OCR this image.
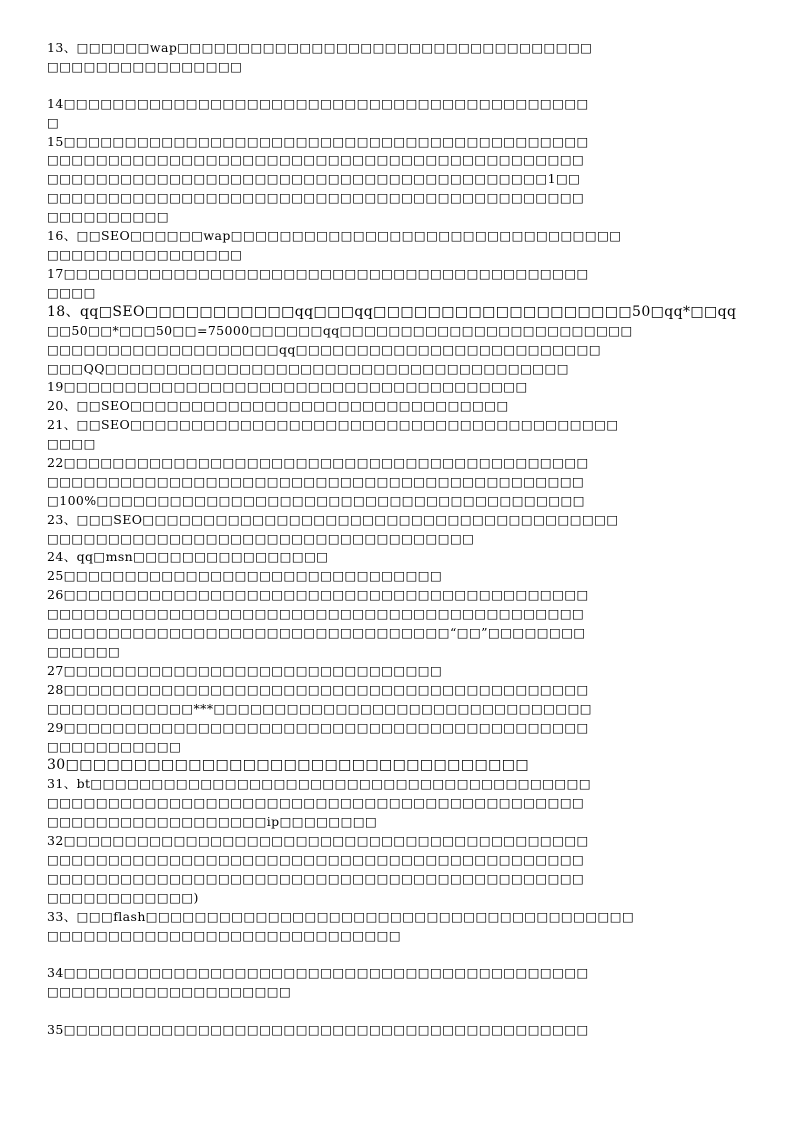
13、□□□□□□wap□□□□□□□□□□□□□□□□□□□□□□□□□□□□□□□□□□
□□□□□□□□□□□□□□□□
14□□□□□□□□□□□□□□□□□□□□□□□□□□□□□□□□□□□□□□□□□□□
□
15□□□□□□□□□□□□□□□□□□□□□□□□□□□□□□□□□□□□□□□□□□□
□□□□□□□□□□□□□□□□□□□□□□□□□□□□□□□□□□□□□□□□□□□□
□□□□□□□□□□□□□□□□□□□□□□□□□□□□□□□□□□□□□□□□□1□□
□□□□□□□□□□□□□□□□□□□□□□□□□□□□□□□□□□□□□□□□□□□□
□□□□□□□□□□
16、□□SEO□□□□□□wap□□□□□□□□□□□□□□□□□□□□□□□□□□□□□□□□
□□□□□□□□□□□□□□□□
17□□□□□□□□□□□□□□□□□□□□□□□□□□□□□□□□□□□□□□□□□□□
□□□□
18、qq□SEO□□□□□□□□□□□qq□□□qq□□□□□□□□□□□□□□□□□□□50□qq*□□qq
□□50□□*□□□50□□=75000□□□□□□qq□□□□□□□□□□□□□□□□□□□□□□□□
□□□□□□□□□□□□□□□□□□□qq□□□□□□□□□□□□□□□□□□□□□□□□□
□□□QQ□□□□□□□□□□□□□□□□□□□□□□□□□□□□□□□□□□□□□□
19□□□□□□□□□□□□□□□□□□□□□□□□□□□□□□□□□□□□□□
20、□□SEO□□□□□□□□□□□□□□□□□□□□□□□□□□□□□□□
21、□□SEO□□□□□□□□□□□□□□□□□□□□□□□□□□□□□□□□□□□□□□□□
□□□□
22□□□□□□□□□□□□□□□□□□□□□□□□□□□□□□□□□□□□□□□□□□□
□□□□□□□□□□□□□□□□□□□□□□□□□□□□□□□□□□□□□□□□□□□□
□100%□□□□□□□□□□□□□□□□□□□□□□□□□□□□□□□□□□□□□□□□
23、□□□SEO□□□□□□□□□□□□□□□□□□□□□□□□□□□□□□□□□□□□□□□
□□□□□□□□□□□□□□□□□□□□□□□□□□□□□□□□□□□
24、qq□msn□□□□□□□□□□□□□□□□
25□□□□□□□□□□□□□□□□□□□□□□□□□□□□□□□
26□□□□□□□□□□□□□□□□□□□□□□□□□□□□□□□□□□□□□□□□□□□
□□□□□□□□□□□□□□□□□□□□□□□□□□□□□□□□□□□□□□□□□□□□
□□□□□□□□□□□□□□□□□□□□□□□□□□□□□□□□□“□□”□□□□□□□□
□□□□□□
27□□□□□□□□□□□□□□□□□□□□□□□□□□□□□□□
28□□□□□□□□□□□□□□□□□□□□□□□□□□□□□□□□□□□□□□□□□□□
□□□□□□□□□□□□***□□□□□□□□□□□□□□□□□□□□□□□□□□□□□□□
29□□□□□□□□□□□□□□□□□□□□□□□□□□□□□□□□□□□□□□□□□□□
□□□□□□□□□□□
30□□□□□□□□□□□□□□□□□□□□□□□□□□□□□□□□□□
31、bt□□□□□□□□□□□□□□□□□□□□□□□□□□□□□□□□□□□□□□□□□
□□□□□□□□□□□□□□□□□□□□□□□□□□□□□□□□□□□□□□□□□□□□
□□□□□□□□□□□□□□□□□□ip□□□□□□□□
32□□□□□□□□□□□□□□□□□□□□□□□□□□□□□□□□□□□□□□□□□□□
□□□□□□□□□□□□□□□□□□□□□□□□□□□□□□□□□□□□□□□□□□□□
□□□□□□□□□□□□□□□□□□□□□□□□□□□□□□□□□□□□□□□□□□□□
□□□□□□□□□□□□)
33、□□□flash□□□□□□□□□□□□□□□□□□□□□□□□□□□□□□□□□□□□□□□□
□□□□□□□□□□□□□□□□□□□□□□□□□□□□□
34□□□□□□□□□□□□□□□□□□□□□□□□□□□□□□□□□□□□□□□□□□□
□□□□□□□□□□□□□□□□□□□□
35□□□□□□□□□□□□□□□□□□□□□□□□□□□□□□□□□□□□□□□□□□□
